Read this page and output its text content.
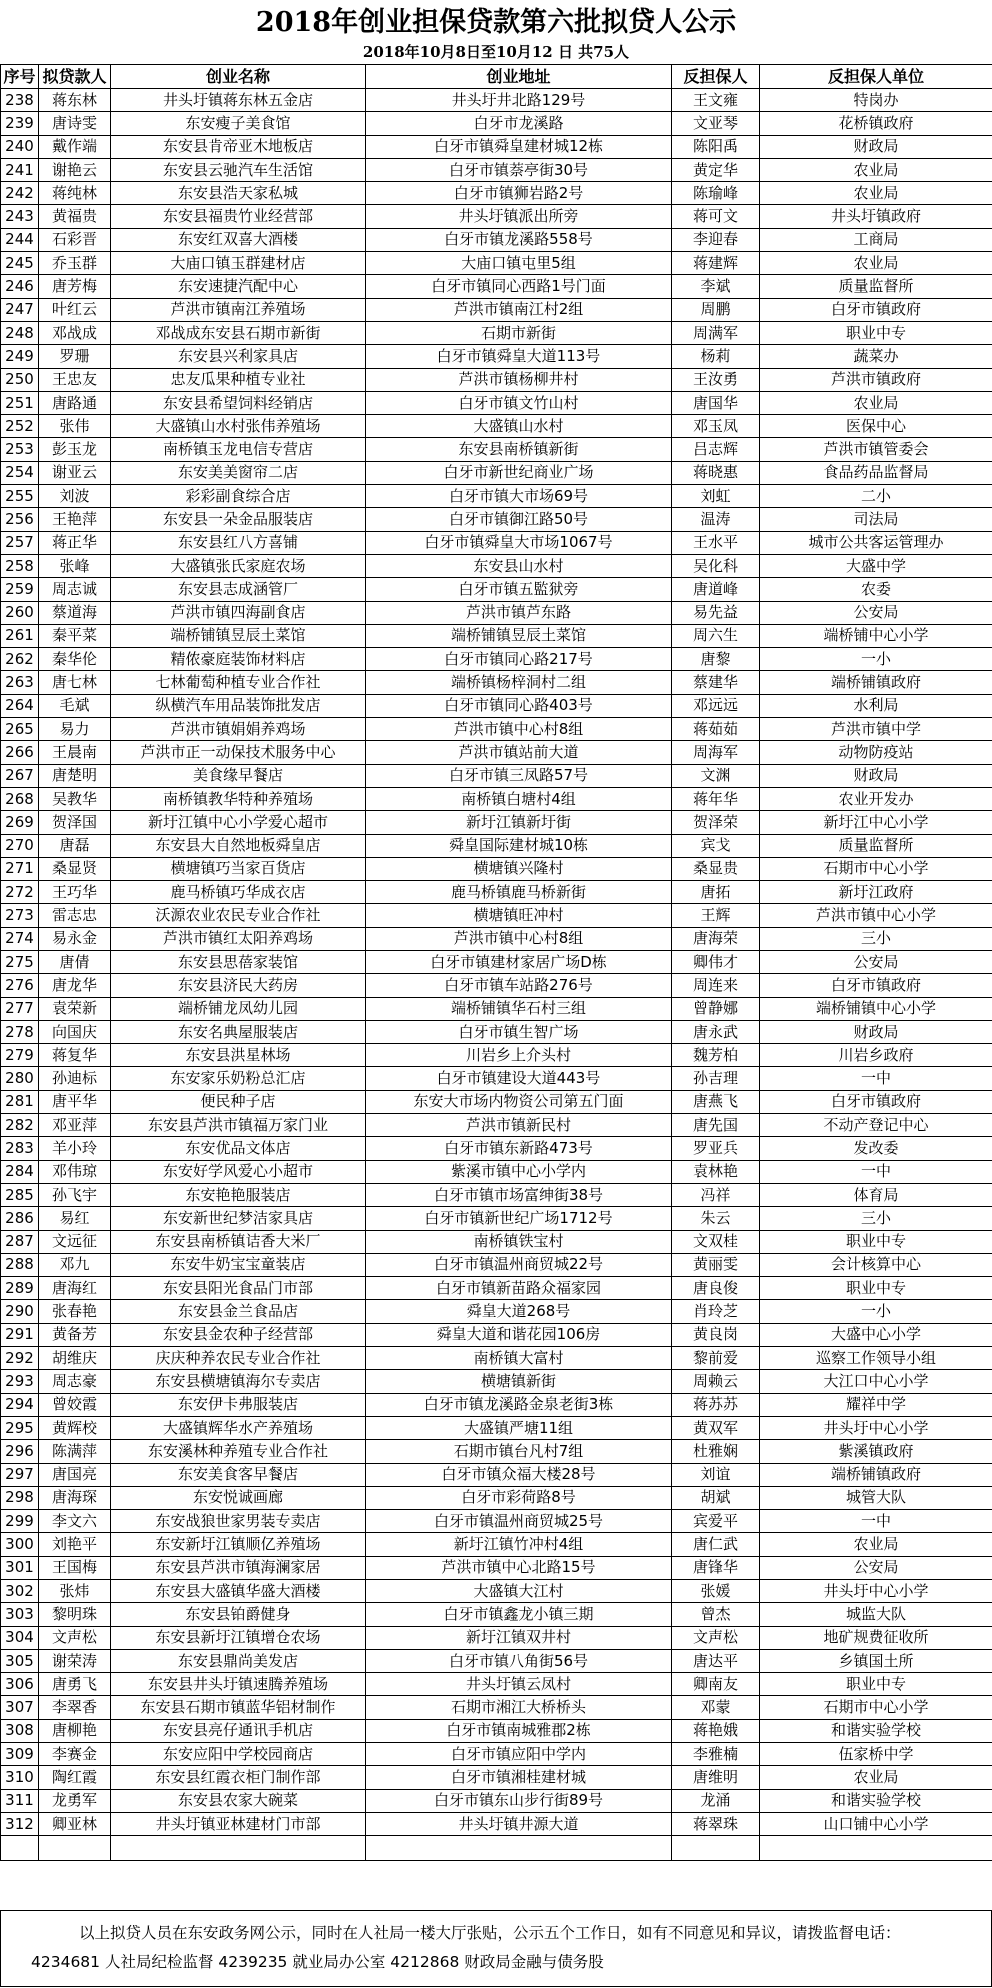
2018年创业担保贷款第六批拟贷人公示
2018年10月8日至10月12 日 共75人
序号	拟贷款人	创业名称	创业地址	反担保人	反担保人单位
238	蒋东林	井头圩镇蒋东林五金店	井头圩井北路129号	王文雍	特岗办
239	唐诗雯	东安瘦子美食馆	白牙市龙溪路	文亚琴	花桥镇政府
240	戴作端	东安县肯帝亚木地板店	白牙市镇舜皇建材城12栋	陈阳禹	财政局
241	谢艳云	东安县云驰汽车生活馆	白牙市镇萘亭街30号	黄定华	农业局
242	蒋纯林	东安县浩天家私城	白牙市镇狮岩路2号	陈瑜峰	农业局
243	黄福贵	东安县福贵竹业经营部	井头圩镇派出所旁	蒋可文	井头圩镇政府
244	石彩晋	东安红双喜大酒楼	白牙市镇龙溪路558号	李迎春	工商局
245	乔玉群	大庙口镇玉群建材店	大庙口镇屯里5组	蒋建辉	农业局
246	唐芳梅	东安速捷汽配中心	白牙市镇同心西路1号门面	李斌	质量监督所
247	叶红云	芦洪市镇南江养殖场	芦洪市镇南江村2组	周鹏	白牙市镇政府
248	邓战成	邓战成东安县石期市新街	石期市新街	周满军	职业中专
249	罗珊	东安县兴利家具店	白牙市镇舜皇大道113号	杨莉	蔬菜办
250	王忠友	忠友瓜果种植专业社	芦洪市镇杨柳井村	王汝勇	芦洪市镇政府
251	唐路通	东安县希望饲料经销店	白牙市镇文竹山村	唐国华	农业局
252	张伟	大盛镇山水村张伟养殖场	大盛镇山水村	邓玉凤	医保中心
253	彭玉龙	南桥镇玉龙电信专营店	东安县南桥镇新街	吕志辉	芦洪市镇管委会
254	谢亚云	东安美美窗帘二店	白牙市新世纪商业广场	蒋晓惠	食品药品监督局
255	刘波	彩彩副食综合店	白牙市镇大市场69号	刘虹	二小
256	王艳萍	东安县一朵金品服装店	白牙市镇御江路50号	温涛	司法局
257	蒋正华	东安县红八方喜铺	白牙市镇舜皇大市场1067号	王水平	城市公共客运管理办
258	张峰	大盛镇张氏家庭农场	东安县山水村	吴化科	大盛中学
259	周志诚	东安县志成涵管厂	白牙市镇五監狱旁	唐道峰	农委
260	蔡道海	芦洪市镇四海副食店	芦洪市镇芦东路	易先益	公安局
261	秦平菜	端桥铺镇昱辰土菜馆	端桥铺镇昱辰土菜馆	周六生	端桥铺中心小学
262	秦华伦	精侬豪庭装饰材料店	白牙市镇同心路217号	唐黎	一小
263	唐七林	七林葡萄种植专业合作社	端桥镇杨梓洞村二组	蔡建华	端桥铺镇政府
264	毛斌	纵横汽车用品装饰批发店	白牙市镇同心路403号	邓远远	水利局
265	易力	芦洪市镇娟娟养鸡场	芦洪市镇中心村8组	蒋茹茹	芦洪市镇中学
266	王晨南	芦洪市正一动保技术服务中心	芦洪市镇站前大道	周海军	动物防疫站
267	唐楚明	美食缘早餐店	白牙市镇三凤路57号	文渊	财政局
268	吴教华	南桥镇教华特种养殖场	南桥镇白塘村4组	蒋年华	农业开发办
269	贺泽国	新圩江镇中心小学爱心超市	新圩江镇新圩街	贺泽荣	新圩江中心小学
270	唐磊	东安县大自然地板舜皇店	舜皇国际建材城10栋	宾戈	质量监督所
271	桑显贤	横塘镇巧当家百货店	横塘镇兴隆村	桑显贵	石期市中心小学
272	王巧华	鹿马桥镇巧华成衣店	鹿马桥镇鹿马桥新街	唐拓	新圩江政府
273	雷志忠	沃源农业农民专业合作社	横塘镇旺冲村	王辉	芦洪市镇中心小学
274	易永金	芦洪市镇红太阳养鸡场	芦洪市镇中心村8组	唐海荣	三小
275	唐倩	东安县思蓓家装馆	白牙市镇建材家居广场D栋	卿伟才	公安局
276	唐龙华	东安县济民大药房	白牙市镇车站路276号	周连来	白牙市镇政府
277	袁荣新	端桥铺龙凤幼儿园	端桥铺镇华石村三组	曾静娜	端桥铺镇中心小学
278	向国庆	东安名典屋服装店	白牙市镇生智广场	唐永武	财政局
279	蒋复华	东安县洪星林场	川岩乡上介头村	魏芳柏	川岩乡政府
280	孙迪标	东安家乐奶粉总汇店	白牙市镇建设大道443号	孙吉理	一中
281	唐平华	便民种子店	东安大市场内物资公司第五门面	唐燕飞	白牙市镇政府
282	邓亚萍	东安县芦洪市镇福万家门业	芦洪市镇新民村	唐先国	不动产登记中心
283	羊小玲	东安优品文体店	白牙市镇东新路473号	罗亚兵	发改委
284	邓伟琼	东安好学风爱心小超市	紫溪市镇中心小学内	袁林艳	一中
285	孙飞宇	东安艳艳服装店	白牙市镇市场富绅街38号	冯祥	体育局
286	易红	东安新世纪梦洁家具店	白牙市镇新世纪广场1712号	朱云	三小
287	文远征	东安县南桥镇诘香大米厂	南桥镇铁宝村	文双桂	职业中专
288	邓九	东安牛奶宝宝童装店	白牙市镇温州商贸城22号	黄丽雯	会计核算中心
289	唐海红	东安县阳光食品门市部	白牙市镇新苗路众福家园	唐良俊	职业中专
290	张春艳	东安县金兰食品店	舜皇大道268号	肖玲芝	一小
291	黄备芳	东安县金农种子经营部	舜皇大道和谐花园106房	黄良岗	大盛中心小学
292	胡维庆	庆庆种养农民专业合作社	南桥镇大富村	黎前爱	巡察工作领导小组
293	周志豪	东安县横塘镇海尔专卖店	横塘镇新街	周赖云	大江口中心小学
294	曾姣霞	东安伊卡弗服装店	白牙市镇龙溪路金泉老街3栋	蒋苏苏	耀祥中学
295	黄辉校	大盛镇辉华水产养殖场	大盛镇严塘11组	黄双军	井头圩中心小学
296	陈满萍	东安溪林种养殖专业合作社	石期市镇台凡村7组	杜雅娴	紫溪镇政府
297	唐国亮	东安美食客早餐店	白牙市镇众福大楼28号	刘谊	端桥铺镇政府
298	唐海琛	东安悦诚画廊	白牙市彩荷路8号	胡斌	城管大队
299	李文六	东安战狼世家男装专卖店	白牙市镇温州商贸城25号	宾爱平	一中
300	刘艳平	东安新圩江镇顺亿养殖场	新圩江镇竹冲村4组	唐仁武	农业局
301	王国梅	东安县芦洪市镇海澜家居	芦洪市镇中心北路15号	唐锋华	公安局
302	张炜	东安县大盛镇华盛大酒楼	大盛镇大江村	张媛	井头圩中心小学
303	黎明珠	东安县铂爵健身	白牙市镇鑫龙小镇三期	曾杰	城监大队
304	文声松	东安县新圩江镇增仓农场	新圩江镇双井村	文声松	地矿规费征收所
305	谢荣涛	东安县鼎尚美发店	白牙市镇八角街56号	唐达平	乡镇国土所
306	唐勇飞	东安县井头圩镇速腾养殖场	井头圩镇云凤村	卿南友	职业中专
307	李翠香	东安县石期市镇蓝华铝材制作	石期市湘江大桥桥头	邓蒙	石期市中心小学
308	唐柳艳	东安县亮仔通讯手机店	白牙市镇南城雅郡2栋	蒋艳娥	和谐实验学校
309	李赛金	东安应阳中学校园商店	白牙市镇应阳中学内	李雅楠	伍家桥中学
310	陶红霞	东安县红霞衣柜门制作部	白牙市镇湘桂建材城	唐维明	农业局
311	龙勇军	东安县农家大碗菜	白牙市镇东山步行街89号	龙涌	和谐实验学校
312	卿亚林	井头圩镇亚林建材门市部	井头圩镇井源大道	蒋翠珠	山口铺中心小学

以上拟贷人员在东安政务网公示，同时在人社局一楼大厅张贴，公示五个工作日，如有不同意见和异议，请拨监督电话：4234681 人社局纪检监督 4239235 就业局办公室 4212868 财政局金融与债务股
